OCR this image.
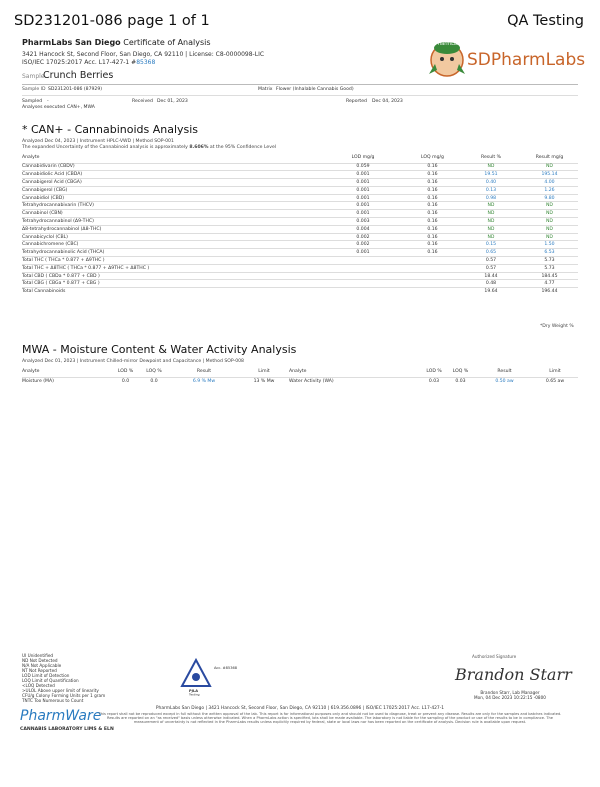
SD231201-086 page 1 of 1	QA Testing
PharmLabs San Diego Certificate of Analysis
3421 Hancock St, Second Floor, San Diego, CA 92110 | License: C8-0000098-LIC
ISO/IEC 17025:2017 Acc. L17-427-1 #85368
PharmLabs
SDPharmLabs
Sample
Crunch Berries
Sample ID SD231201-086 (87929)	Matrix Flower (Inhalable Cannabis Good)
Sampled -	Received Dec 01, 2023	Reported Dec 04, 2023
Analyses executed CAN+, MWA
* CAN+ - Cannabinoids Analysis
Analyzed Dec 04, 2023 | Instrument HPLC-VWD | Method SOP-001
The expanded Uncertainty of the Cannabinoid analysis is approximately 8.606% at the 95% Confidence Level
Analyte	LOD mg/g	LOQ mg/g	Result %	Result mg/g
Cannabidivarin (CBDV)	0.059	0.16	ND	ND
Cannabidiolic Acid (CBDA)	0.001	0.16	19.51	195.14
Cannabigerol Acid (CBGA)	0.001	0.16	0.40	4.00
Cannabigerol (CBG)	0.001	0.16	0.13	1.26
Cannabidiol (CBD)	0.001	0.16	0.98	9.80
Tetrahydrocannabivarin (THCV)	0.001	0.16	ND	ND
Cannabinol (CBN)	0.001	0.16	ND	ND
Tetrahydrocannabinol (Δ9-THC)	0.003	0.16	ND	ND
Δ8-tetrahydrocannabinol (Δ8-THC)	0.004	0.16	ND	ND
Cannabicyclol (CBL)	0.002	0.16	ND	ND
Cannabichromene (CBC)	0.002	0.16	0.15	1.50
Tetrahydrocannabinolic Acid (THCA)	0.001	0.16	0.65	6.53
Total THC ( THCa * 0.877 + Δ9THC )			0.57	5.73
Total THC + Δ8THC ( THCa * 0.877 + Δ9THC + Δ8THC )			0.57	5.73
Total CBD ( CBDa * 0.877 + CBD )			18.44	184.45
Total CBG ( CBGa * 0.877 + CBG )			0.48	4.77
Total Cannabinoids			19.64	196.44
*Dry Weight %
MWA - Moisture Content & Water Activity Analysis
Analyzed Dec 01, 2023 | Instrument Chilled-mirror Dewpoint and Capacitance | Method SOP-008
Analyte	LOD %	LOQ %	Result	Limit	Analyte	LOD %	LOQ %	Result	Limit
Moisture (MA)	0.0	0.0	6.9 % Mw	13 % Mw	Water Activity (WA)	0.03	0.03	0.50 aw	0.65 aw
UI Unidentified
ND Not Detected
N/A Not Applicable
NT Not Reported
LOD Limit of Detection
LOQ Limit of Quantification
<LOQ Detected
>ULOL Above upper limit of linearity
CFU/g Colony Forming Units per 1 gram
TNTC Too Numerous to Count
PharmWare
CANNABIS LABORATORY LIMS & ELN
PJLA
Acc. #85368
Testing
Authorized Signature
Brandon Starr
Brandon Starr, Lab Manager
Mon, 04 Dec 2023 10:22:15 -0800
PharmLabs San Diego | 3421 Hancock St, Second Floor, San Diego, CA 92110 | 619.356.0896 | ISO/IEC 17025:2017 Acc. L17-427-1
This report shall not be reproduced except in full without the written approval of the lab. This report is for informational purposes only and should not be used to diagnose, treat or prevent any disease. Results are only for the samples and batches indicated. Results are reported on an "as received" basis unless otherwise indicated. When a PharmLabs action is specified, lots shall be made available. The laboratory is not liable for the sampling of the product or use of the results to be in compliance. The measurement of uncertainty is not reflected in the PharmLabs results unless explicitly required by federal, state or local laws nor has been reported on the certificate of analysis. Decision rule is available upon request.
